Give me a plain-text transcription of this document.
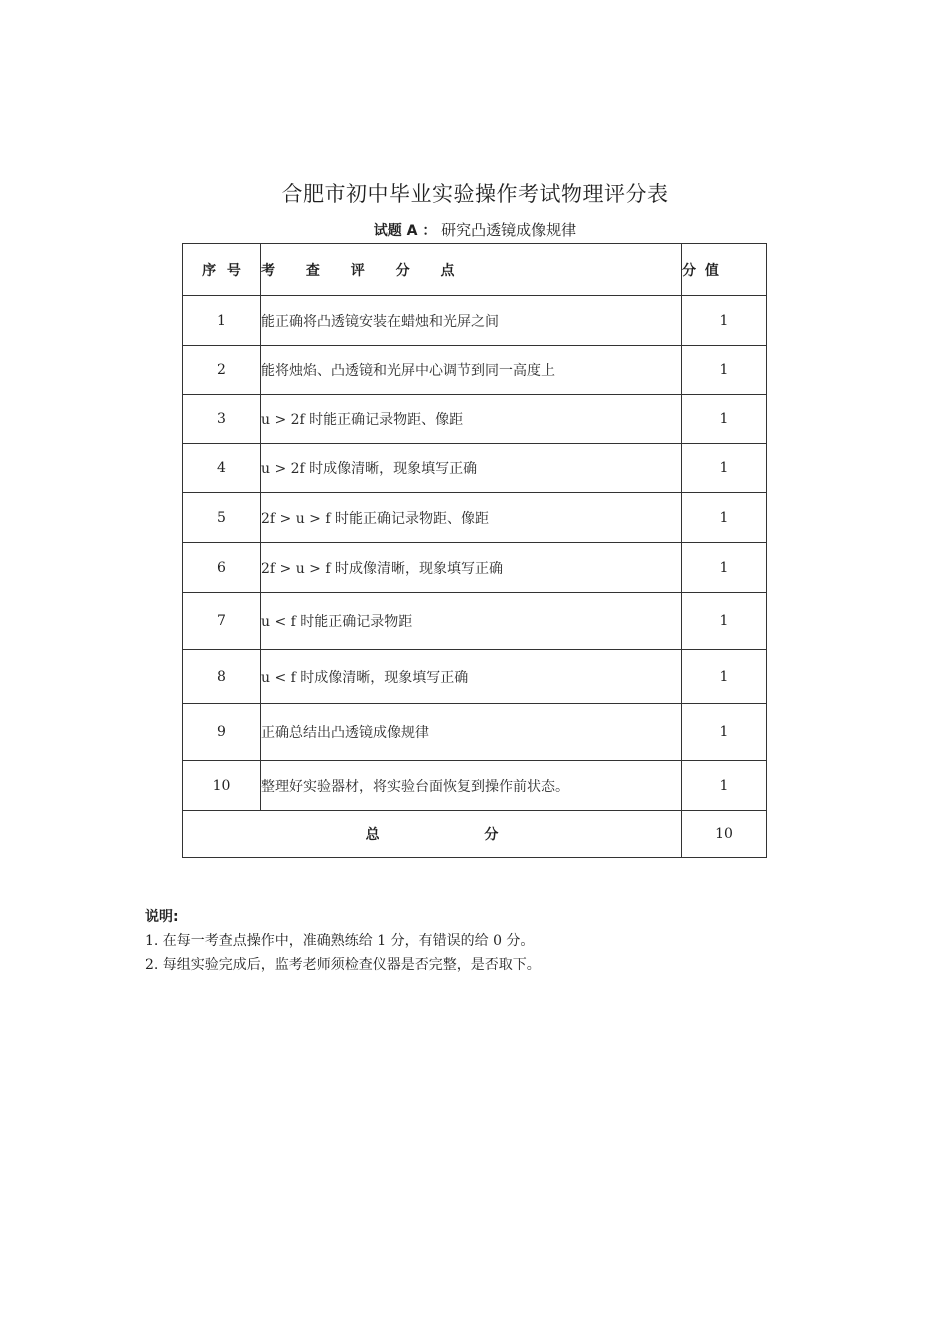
合肥市初中毕业实验操作考试物理评分表
试题 A ： 研究凸透镜成像规律
序 号	考 查 评 分 点	分 值
1	能正确将凸透镜安装在蜡烛和光屏之间	1
2	能将烛焰、凸透镜和光屏中心调节到同一高度上	1
3	u > 2f 时能正确记录物距、像距	1
4	u > 2f 时成像清晰，现象填写正确	1
5	2f > u > f 时能正确记录物距、像距	1
6	2f > u > f 时成像清晰，现象填写正确	1
7	u < f 时能正确记录物距	1
8	u < f 时成像清晰，现象填写正确	1
9	正确总结出凸透镜成像规律	1
10	整理好实验器材，将实验台面恢复到操作前状态。	1
总 分		10
说明:
1. 在每一考查点操作中，准确熟练给 1 分，有错误的给 0 分。
2. 每组实验完成后，监考老师须检查仪器是否完整，是否取下。
